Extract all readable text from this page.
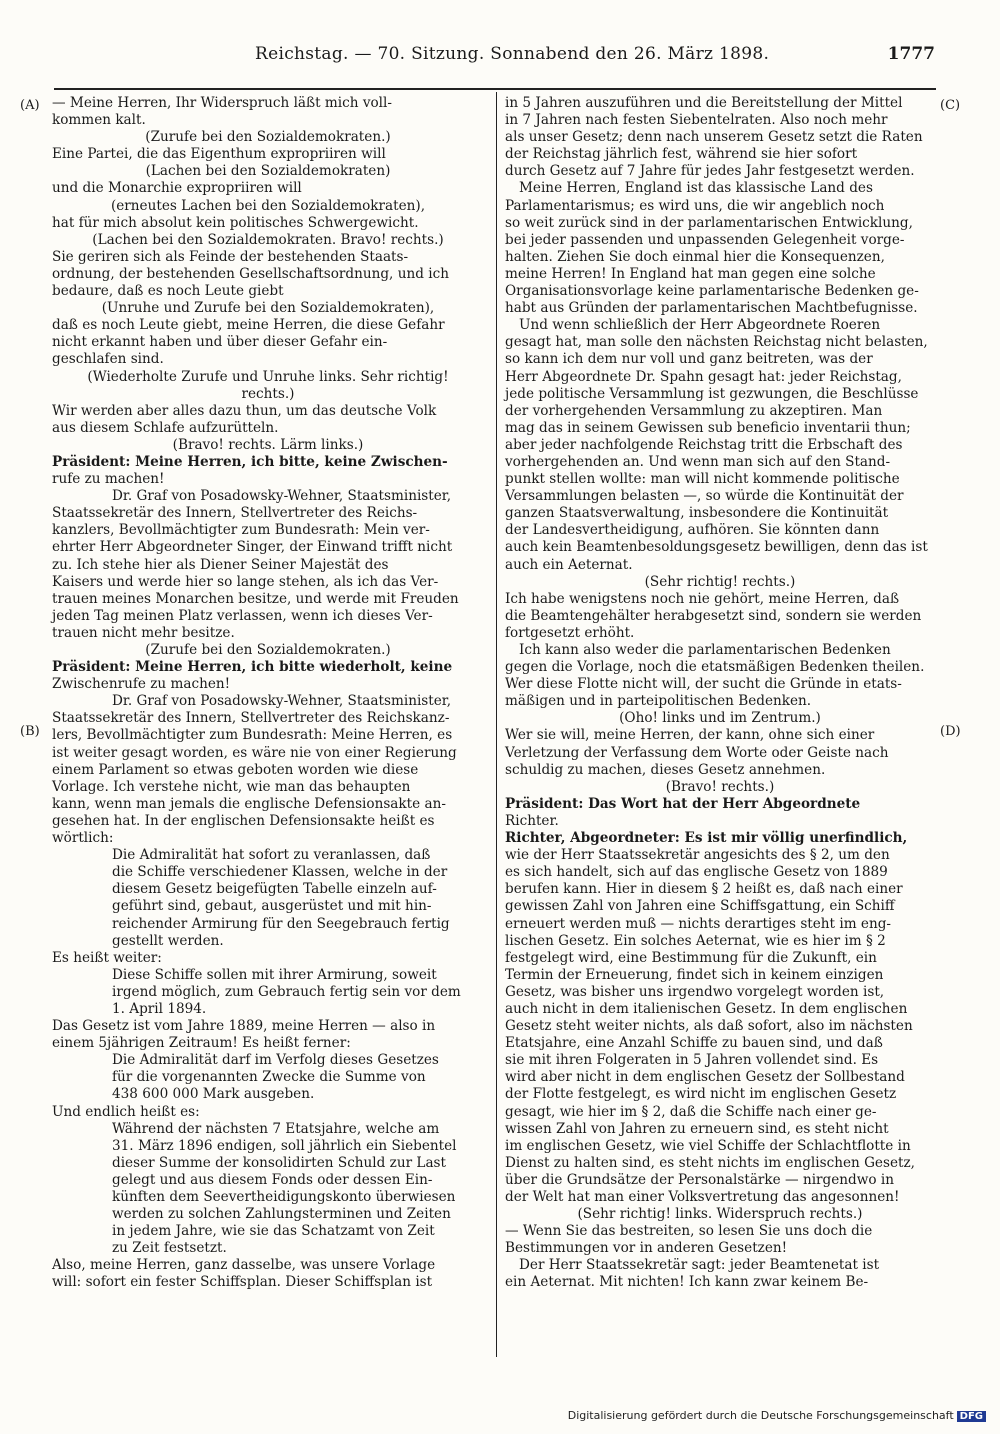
Reichstag. — 70. Sitzung. Sonnabend den 26. März 1898.	1777
(A)
(B)
(C)
(D)

— Meine Herren, Ihr Widerspruch läßt mich voll-

kommen kalt.

(Zurufe bei den Sozialdemokraten.)

Eine Partei, die das Eigenthum expropriiren will

(Lachen bei den Sozialdemokraten)

und die Monarchie expropriiren will

(erneutes Lachen bei den Sozialdemokraten),

hat für mich absolut kein politisches Schwergewicht.

(Lachen bei den Sozialdemokraten. Bravo! rechts.)

Sie geriren sich als Feinde der bestehenden Staats-

ordnung, der bestehenden Gesellschaftsordnung, und ich

bedaure, daß es noch Leute giebt

(Unruhe und Zurufe bei den Sozialdemokraten),

daß es noch Leute giebt, meine Herren, die diese Gefahr

nicht erkannt haben und über dieser Gefahr ein-

geschlafen sind.

(Wiederholte Zurufe und Unruhe links. Sehr richtig!

rechts.)

Wir werden aber alles dazu thun, um das deutsche Volk

aus diesem Schlafe aufzurütteln.

(Bravo! rechts. Lärm links.)

Präsident: Meine Herren, ich bitte, keine Zwischen-

rufe zu machen!

Dr. Graf von Posadowsky-Wehner, Staatsminister,

Staatssekretär des Innern, Stellvertreter des Reichs-

kanzlers, Bevollmächtigter zum Bundesrath: Mein ver-

ehrter Herr Abgeordneter Singer, der Einwand trifft nicht

zu. Ich stehe hier als Diener Seiner Majestät des

Kaisers und werde hier so lange stehen, als ich das Ver-

trauen meines Monarchen besitze, und werde mit Freuden

jeden Tag meinen Platz verlassen, wenn ich dieses Ver-

trauen nicht mehr besitze.

(Zurufe bei den Sozialdemokraten.)

Präsident: Meine Herren, ich bitte wiederholt, keine

Zwischenrufe zu machen!

Dr. Graf von Posadowsky-Wehner, Staatsminister,

Staatssekretär des Innern, Stellvertreter des Reichskanz-

lers, Bevollmächtigter zum Bundesrath: Meine Herren, es

ist weiter gesagt worden, es wäre nie von einer Regierung

einem Parlament so etwas geboten worden wie diese

Vorlage. Ich verstehe nicht, wie man das behaupten

kann, wenn man jemals die englische Defensionsakte an-

gesehen hat. In der englischen Defensionsakte heißt es

wörtlich:

Die Admiralität hat sofort zu veranlassen, daß

die Schiffe verschiedener Klassen, welche in der

diesem Gesetz beigefügten Tabelle einzeln auf-

geführt sind, gebaut, ausgerüstet und mit hin-

reichender Armirung für den Seegebrauch fertig

gestellt werden.

Es heißt weiter:

Diese Schiffe sollen mit ihrer Armirung, soweit

irgend möglich, zum Gebrauch fertig sein vor dem

1. April 1894.

Das Gesetz ist vom Jahre 1889, meine Herren — also in

einem 5jährigen Zeitraum! Es heißt ferner:

Die Admiralität darf im Verfolg dieses Gesetzes

für die vorgenannten Zwecke die Summe von

438 600 000 Mark ausgeben.

Und endlich heißt es:

Während der nächsten 7 Etatsjahre, welche am

31. März 1896 endigen, soll jährlich ein Siebentel

dieser Summe der konsolidirten Schuld zur Last

gelegt und aus diesem Fonds oder dessen Ein-

künften dem Seevertheidigungskonto überwiesen

werden zu solchen Zahlungsterminen und Zeiten

in jedem Jahre, wie sie das Schatzamt von Zeit

zu Zeit festsetzt.

Also, meine Herren, ganz dasselbe, was unsere Vorlage

will: sofort ein fester Schiffsplan. Dieser Schiffsplan ist

in 5 Jahren auszuführen und die Bereitstellung der Mittel

in 7 Jahren nach festen Siebentelraten. Also noch mehr

als unser Gesetz; denn nach unserem Gesetz setzt die Raten

der Reichstag jährlich fest, während sie hier sofort

durch Gesetz auf 7 Jahre für jedes Jahr festgesetzt werden.

Meine Herren, England ist das klassische Land des

Parlamentarismus; es wird uns, die wir angeblich noch

so weit zurück sind in der parlamentarischen Entwicklung,

bei jeder passenden und unpassenden Gelegenheit vorge-

halten. Ziehen Sie doch einmal hier die Konsequenzen,

meine Herren! In England hat man gegen eine solche

Organisationsvorlage keine parlamentarische Bedenken ge-

habt aus Gründen der parlamentarischen Machtbefugnisse.

Und wenn schließlich der Herr Abgeordnete Roeren

gesagt hat, man solle den nächsten Reichstag nicht belasten,

so kann ich dem nur voll und ganz beitreten, was der

Herr Abgeordnete Dr. Spahn gesagt hat: jeder Reichstag,

jede politische Versammlung ist gezwungen, die Beschlüsse

der vorhergehenden Versammlung zu akzeptiren. Man

mag das in seinem Gewissen sub beneficio inventarii thun;

aber jeder nachfolgende Reichstag tritt die Erbschaft des

vorhergehenden an. Und wenn man sich auf den Stand-

punkt stellen wollte: man will nicht kommende politische

Versammlungen belasten —, so würde die Kontinuität der

ganzen Staatsverwaltung, insbesondere die Kontinuität

der Landesvertheidigung, aufhören. Sie könnten dann

auch kein Beamtenbesoldungsgesetz bewilligen, denn das ist

auch ein Aeternat.

(Sehr richtig! rechts.)

Ich habe wenigstens noch nie gehört, meine Herren, daß

die Beamtengehälter herabgesetzt sind, sondern sie werden

fortgesetzt erhöht.

Ich kann also weder die parlamentarischen Bedenken

gegen die Vorlage, noch die etatsmäßigen Bedenken theilen.

Wer diese Flotte nicht will, der sucht die Gründe in etats-

mäßigen und in parteipolitischen Bedenken.

(Oho! links und im Zentrum.)

Wer sie will, meine Herren, der kann, ohne sich einer

Verletzung der Verfassung dem Worte oder Geiste nach

schuldig zu machen, dieses Gesetz annehmen.

(Bravo! rechts.)

Präsident: Das Wort hat der Herr Abgeordnete

Richter.

Richter, Abgeordneter: Es ist mir völlig unerfindlich,

wie der Herr Staatssekretär angesichts des § 2, um den

es sich handelt, sich auf das englische Gesetz von 1889

berufen kann. Hier in diesem § 2 heißt es, daß nach einer

gewissen Zahl von Jahren eine Schiffsgattung, ein Schiff

erneuert werden muß — nichts derartiges steht im eng-

lischen Gesetz. Ein solches Aeternat, wie es hier im § 2

festgelegt wird, eine Bestimmung für die Zukunft, ein

Termin der Erneuerung, findet sich in keinem einzigen

Gesetz, was bisher uns irgendwo vorgelegt worden ist,

auch nicht in dem italienischen Gesetz. In dem englischen

Gesetz steht weiter nichts, als daß sofort, also im nächsten

Etatsjahre, eine Anzahl Schiffe zu bauen sind, und daß

sie mit ihren Folgeraten in 5 Jahren vollendet sind. Es

wird aber nicht in dem englischen Gesetz der Sollbestand

der Flotte festgelegt, es wird nicht im englischen Gesetz

gesagt, wie hier im § 2, daß die Schiffe nach einer ge-

wissen Zahl von Jahren zu erneuern sind, es steht nicht

im englischen Gesetz, wie viel Schiffe der Schlachtflotte in

Dienst zu halten sind, es steht nichts im englischen Gesetz,

über die Grundsätze der Personalstärke — nirgendwo in

der Welt hat man einer Volksvertretung das angesonnen!

(Sehr richtig! links. Widerspruch rechts.)

— Wenn Sie das bestreiten, so lesen Sie uns doch die

Bestimmungen vor in anderen Gesetzen!

Der Herr Staatssekretär sagt: jeder Beamtenetat ist

ein Aeternat. Mit nichten! Ich kann zwar keinem Be-

Digitalisierung gefördert durch die Deutsche Forschungsgemeinschaft DFG
